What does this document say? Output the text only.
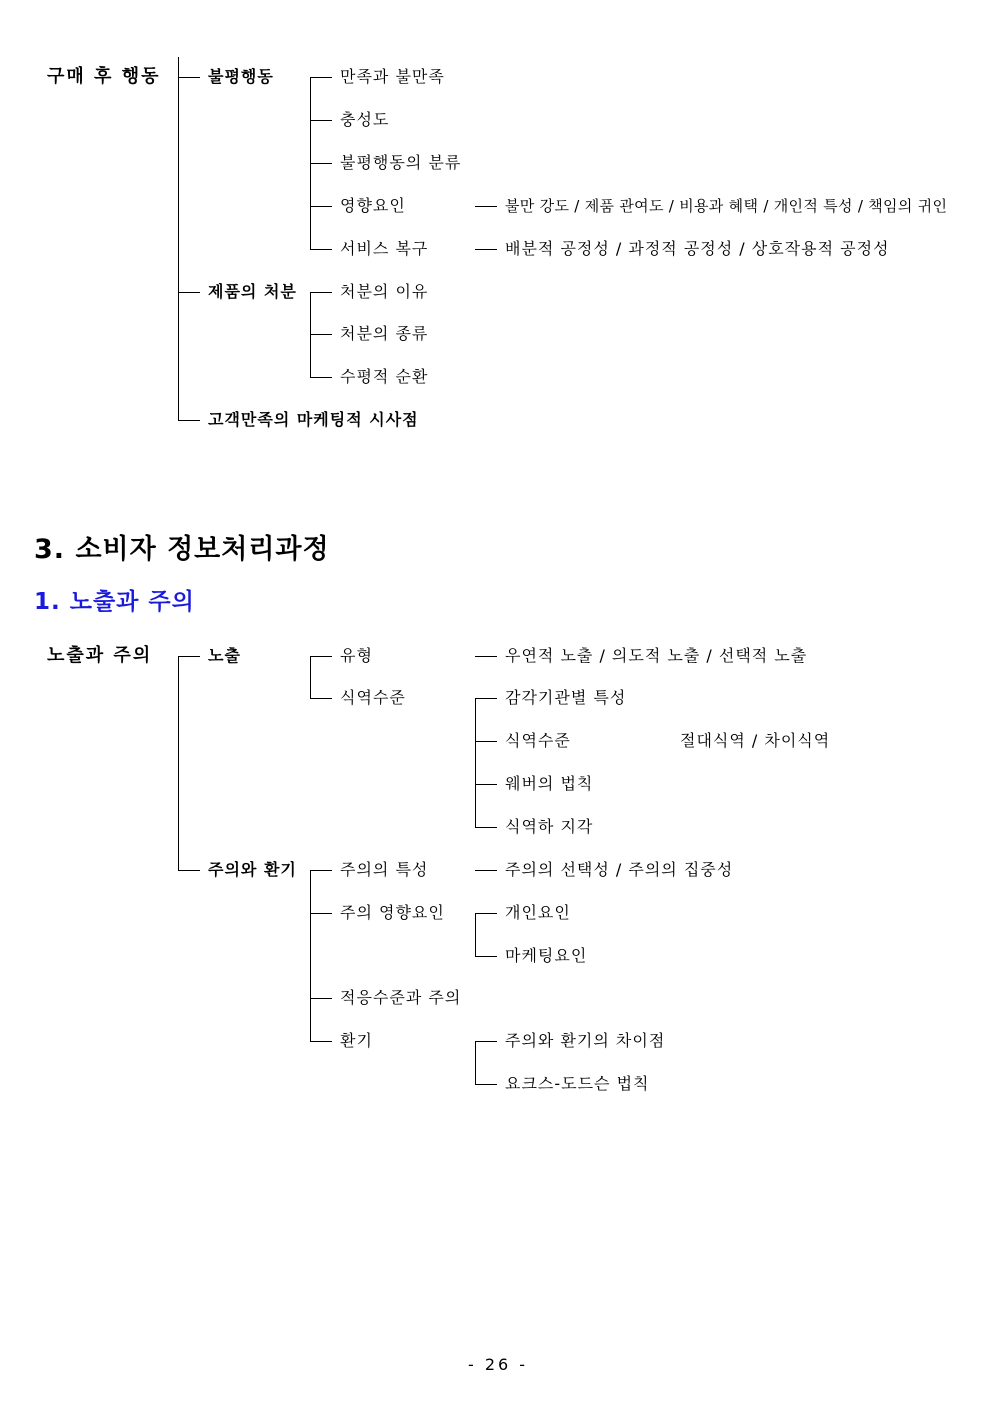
구매 후 행동	불평행동
제품의 처분
고객만족의 마케팅적 시사점
만족과 불만족
충성도
불평행동의 분류
영향요인
서비스 복구
불만 강도 / 제품 관여도 / 비용과 혜택 / 개인적 특성 / 책임의 귀인
배분적 공정성 / 과정적 공정성 / 상호작용적 공정성
처분의 이유
처분의 종류
수평적 순환
3. 소비자 정보처리과정
1. 노출과 주의
노출과 주의	노출
주의와 환기
유형
식역수준
우연적 노출 / 의도적 노출 / 선택적 노출
감각기관별 특성
식역수준
웨버의 법칙
식역하 지각
절대식역 / 차이식역
주의의 특성
주의 영향요인
적응수준과 주의
환기
주의의 선택성 / 주의의 집중성
개인요인
마케팅요인
주의와 환기의 차이점
요크스-도드슨 법칙
- 26 -
